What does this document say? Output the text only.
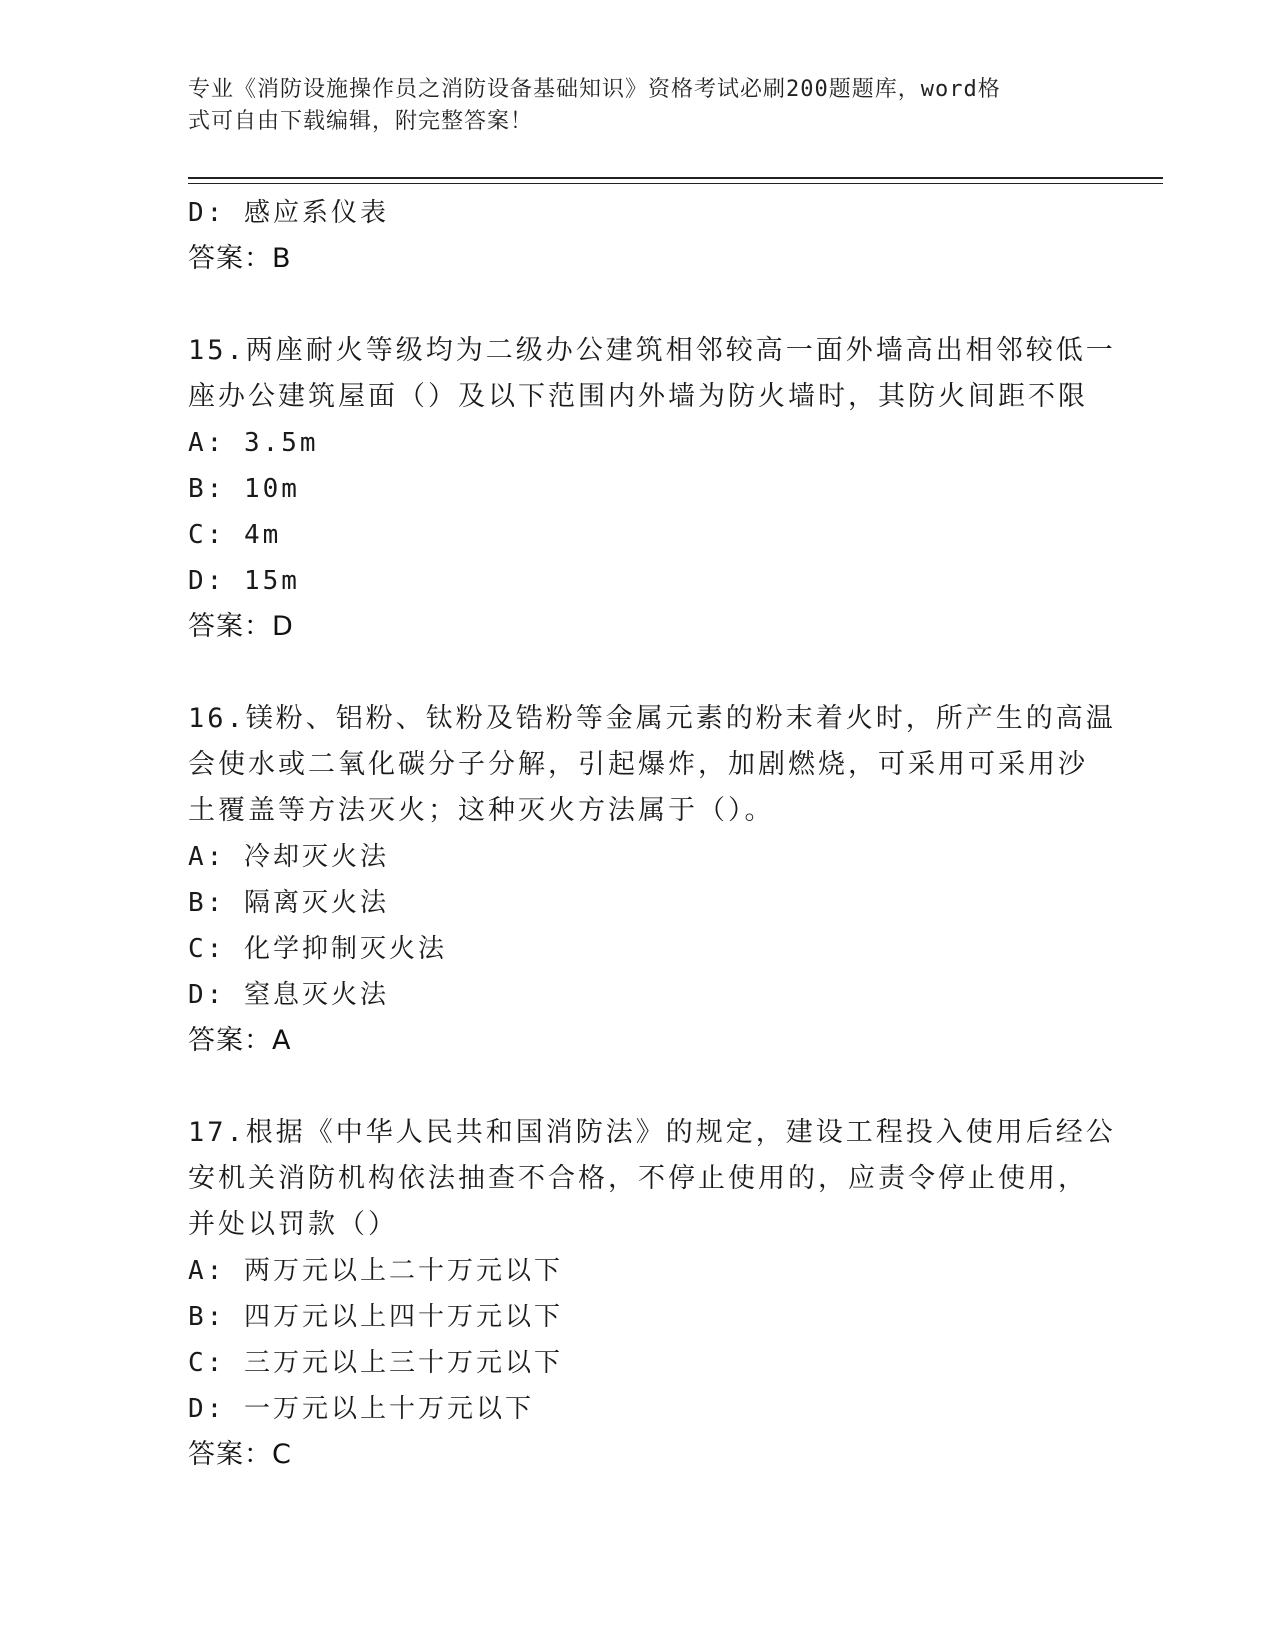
专业《消防设施操作员之消防设备基础知识》资格考试必刷200题题库，word格
式可自由下载编辑，附完整答案！
D: 感应系仪表
答案：B
15.两座耐火等级均为二级办公建筑相邻较高一面外墙高出相邻较低一
座办公建筑屋面（）及以下范围内外墙为防火墙时，其防火间距不限
A: 3.5m
B: 10m
C: 4m
D: 15m
答案：D
16.镁粉、铝粉、钛粉及锆粉等金属元素的粉末着火时，所产生的高温
会使水或二氧化碳分子分解，引起爆炸，加剧燃烧，可采用可采用沙
土覆盖等方法灭火；这种灭火方法属于（）。
A: 冷却灭火法
B: 隔离灭火法
C: 化学抑制灭火法
D: 窒息灭火法
答案：A
17.根据《中华人民共和国消防法》的规定，建设工程投入使用后经公
安机关消防机构依法抽查不合格，不停止使用的，应责令停止使用，
并处以罚款（）
A: 两万元以上二十万元以下
B: 四万元以上四十万元以下
C: 三万元以上三十万元以下
D: 一万元以上十万元以下
答案：C
